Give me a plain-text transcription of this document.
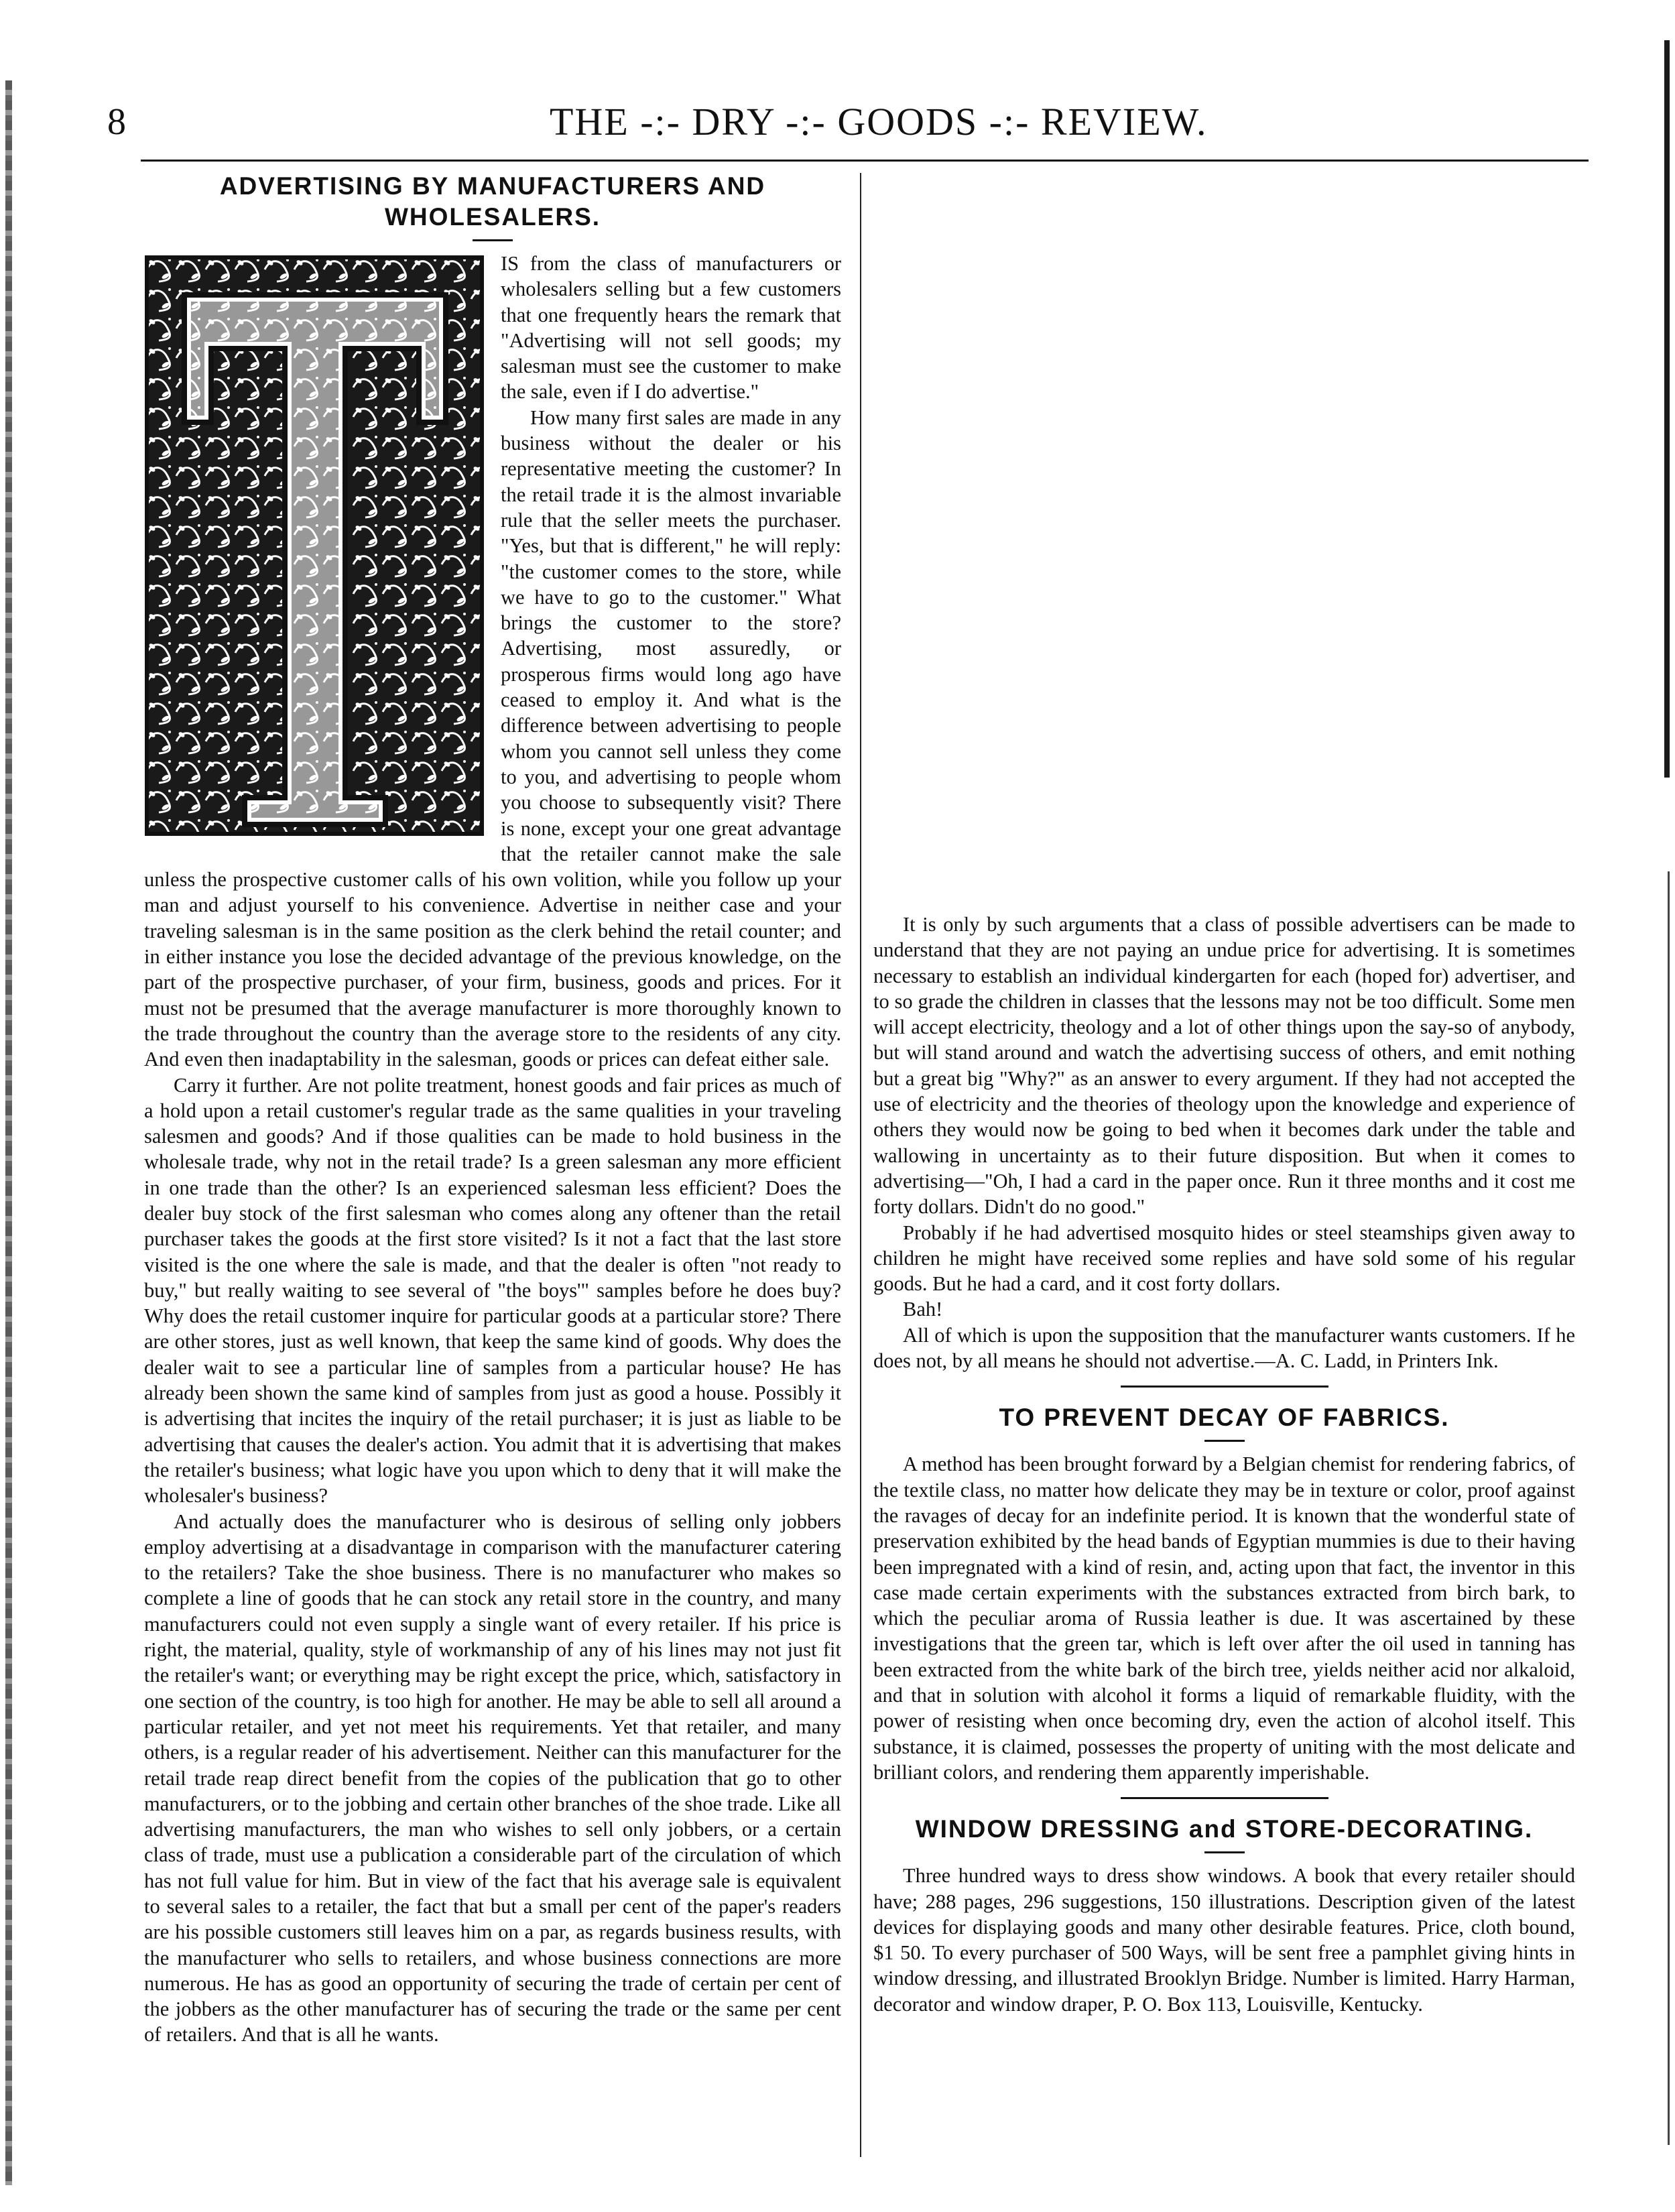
8	THE -:- DRY -:- GOODS -:- REVIEW.
ADVERTISING BY MANUFACTURERS AND WHOLESALERS.

IS from the class of manufacturers or wholesalers selling but a few customers that one frequently hears the remark that "Advertising will not sell goods; my salesman must see the customer to make the sale, even if I do advertise."

How many first sales are made in any business without the dealer or his representative meeting the customer? In the retail trade it is the almost invariable rule that the seller meets the purchaser. "Yes, but that is different," he will reply: "the customer comes to the store, while we have to go to the customer." What brings the customer to the store? Advertising, most assuredly, or prosperous firms would long ago have ceased to employ it. And what is the difference between advertising to people whom you cannot sell unless they come to you, and advertising to people whom you choose to subsequently visit? There is none, except your one great advantage that the retailer cannot make the sale unless the prospective customer calls of his own volition, while you follow up your man and adjust yourself to his convenience. Advertise in neither case and your traveling salesman is in the same position as the clerk behind the retail counter; and in either instance you lose the decided advantage of the previous knowledge, on the part of the prospective purchaser, of your firm, business, goods and prices. For it must not be presumed that the average manufacturer is more thoroughly known to the trade throughout the country than the average store to the residents of any city. And even then inadaptability in the salesman, goods or prices can defeat either sale.

Carry it further. Are not polite treatment, honest goods and fair prices as much of a hold upon a retail customer's regular trade as the same qualities in your traveling salesmen and goods? And if those qualities can be made to hold business in the wholesale trade, why not in the retail trade? Is a green salesman any more efficient in one trade than the other? Is an experienced salesman less efficient? Does the dealer buy stock of the first salesman who comes along any oftener than the retail purchaser takes the goods at the first store visited? Is it not a fact that the last store visited is the one where the sale is made, and that the dealer is often "not ready to buy," but really waiting to see several of "the boys'" samples before he does buy? Why does the retail customer inquire for particular goods at a particular store? There are other stores, just as well known, that keep the same kind of goods. Why does the dealer wait to see a particular line of samples from a particular house? He has already been shown the same kind of samples from just as good a house. Possibly it is advertising that incites the inquiry of the retail purchaser; it is just as liable to be advertising that causes the dealer's action. You admit that it is advertising that makes the retailer's business; what logic have you upon which to deny that it will make the wholesaler's business?

And actually does the manufacturer who is desirous of selling only jobbers employ advertising at a disadvantage in comparison with the manufacturer catering to the retailers? Take the shoe business. There is no manufacturer who makes so complete a line of goods that he can stock any retail store in the country, and many manufacturers could not even supply a single want of every retailer. If his price is right, the material, quality, style of workmanship of any of his lines may not just fit the retailer's want; or everything may be right except the price, which, satisfactory in one section of the country, is too high for another. He may be able to sell all around a particular retailer, and yet not meet his requirements. Yet that retailer, and many others, is a regular reader of his advertisement. Neither can this manufacturer for the retail trade reap direct benefit from the copies of the publication that go to other manufacturers, or to the jobbing and certain other branches of the shoe trade. Like all advertising manufacturers, the man who wishes to sell only jobbers, or a certain class of trade, must use a publication a considerable part of the circulation of which has not full value for him. But in view of the fact that his average sale is equivalent to several sales to a retailer, the fact that but a small per cent of the paper's readers are his possible customers still leaves him on a par, as regards business results, with the manufacturer who sells to retailers, and whose business connections are more numerous. He has as good an opportunity of securing the trade of certain per cent of the jobbers as the other manufacturer has of securing the trade or the same per cent of retailers. And that is all he wants.

It is only by such arguments that a class of possible advertisers can be made to understand that they are not paying an undue price for advertising. It is sometimes necessary to establish an individual kindergarten for each (hoped for) advertiser, and to so grade the children in classes that the lessons may not be too difficult. Some men will accept electricity, theology and a lot of other things upon the say-so of anybody, but will stand around and watch the advertising success of others, and emit nothing but a great big "Why?" as an answer to every argument. If they had not accepted the use of electricity and the theories of theology upon the knowledge and experience of others they would now be going to bed when it becomes dark under the table and wallowing in uncertainty as to their future disposition. But when it comes to advertising—"Oh, I had a card in the paper once. Run it three months and it cost me forty dollars. Didn't do no good."

Probably if he had advertised mosquito hides or steel steamships given away to children he might have received some replies and have sold some of his regular goods. But he had a card, and it cost forty dollars.

Bah!

All of which is upon the supposition that the manufacturer wants customers. If he does not, by all means he should not advertise.—A. C. Ladd, in Printers Ink.

TO PREVENT DECAY OF FABRICS.

A method has been brought forward by a Belgian chemist for rendering fabrics, of the textile class, no matter how delicate they may be in texture or color, proof against the ravages of decay for an indefinite period. It is known that the wonderful state of preservation exhibited by the head bands of Egyptian mummies is due to their having been impregnated with a kind of resin, and, acting upon that fact, the inventor in this case made certain experiments with the substances extracted from birch bark, to which the peculiar aroma of Russia leather is due. It was ascertained by these investigations that the green tar, which is left over after the oil used in tanning has been extracted from the white bark of the birch tree, yields neither acid nor alkaloid, and that in solution with alcohol it forms a liquid of remarkable fluidity, with the power of resisting when once becoming dry, even the action of alcohol itself. This substance, it is claimed, possesses the property of uniting with the most delicate and brilliant colors, and rendering them apparently imperishable.

WINDOW DRESSING and STORE-DECORATING.

Three hundred ways to dress show windows. A book that every retailer should have; 288 pages, 296 suggestions, 150 illustrations. Description given of the latest devices for displaying goods and many other desirable features. Price, cloth bound, $1 50. To every purchaser of 500 Ways, will be sent free a pamphlet giving hints in window dressing, and illustrated Brooklyn Bridge. Number is limited. Harry Harman, decorator and window draper, P. O. Box 113, Louisville, Kentucky.
